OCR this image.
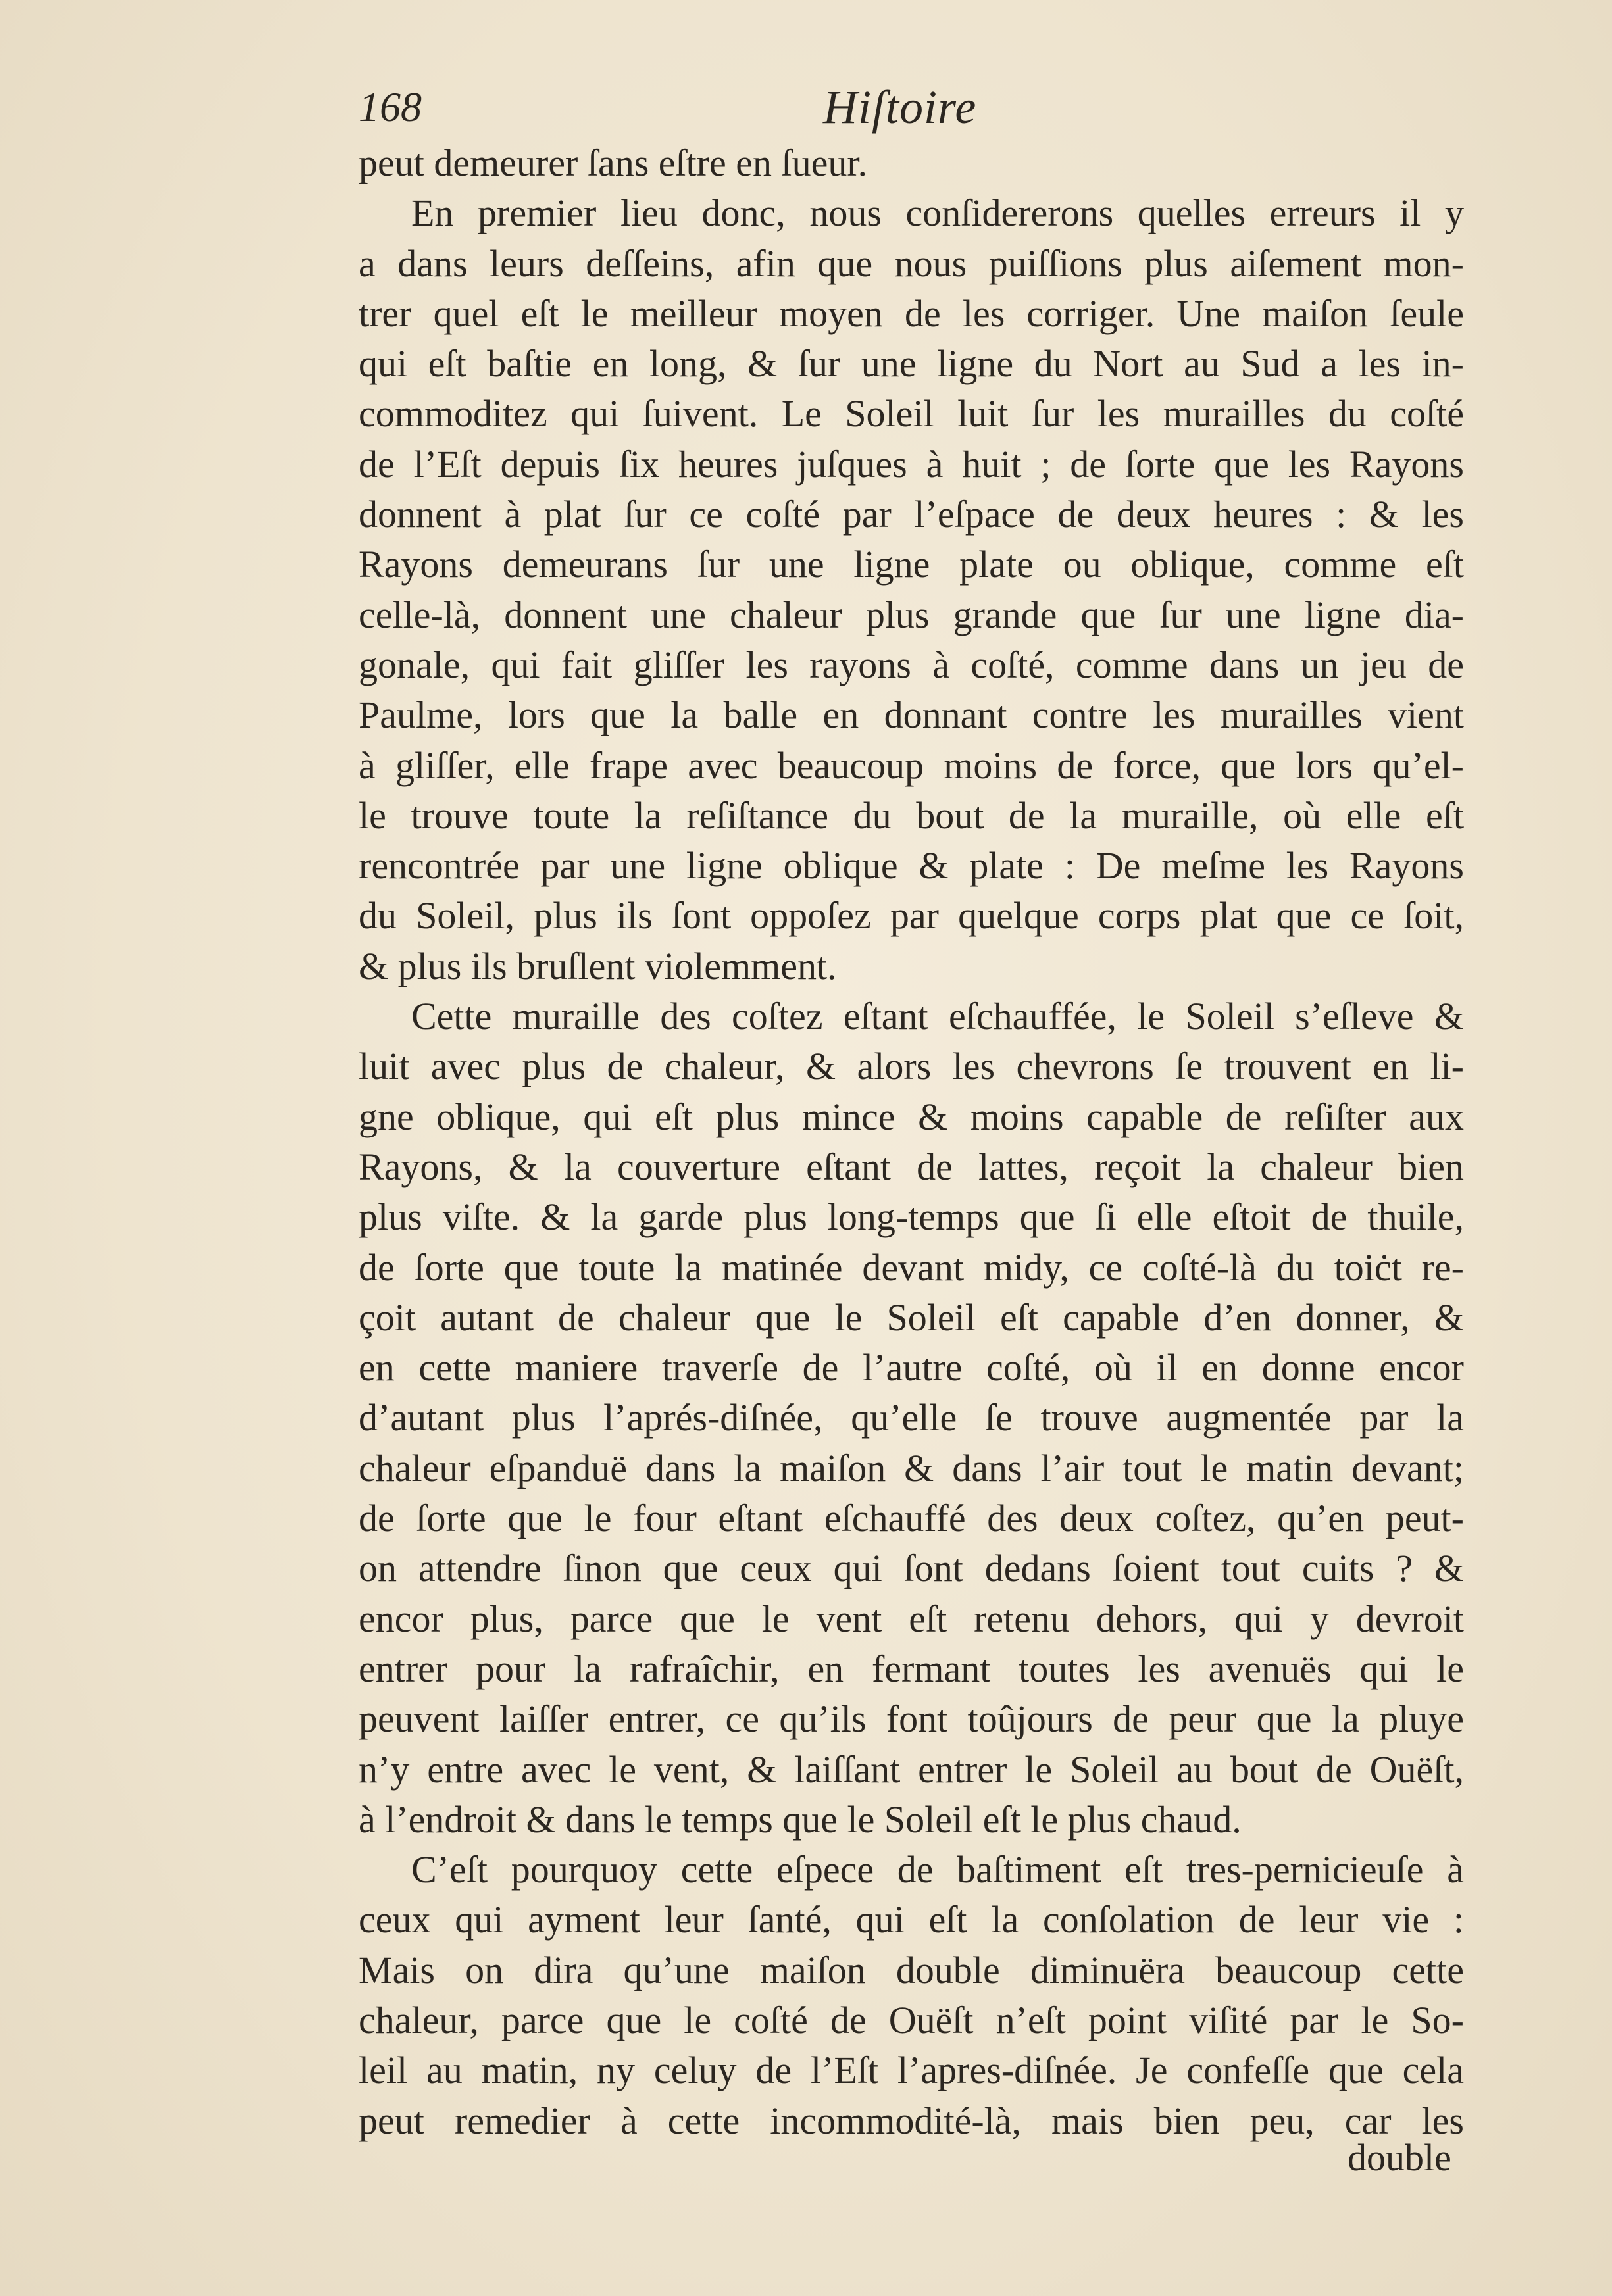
168	Hiſtoire
peut demeurer ſans eſtre en ſueur.
En premier lieu donc, nous conſidererons quelles erreurs il y
a dans leurs deſſeins, afin que nous puiſſions plus aiſement mon-
trer quel eſt le meilleur moyen de les corriger. Une maiſon ſeule
qui eſt baſtie en long, & ſur une ligne du Nort au Sud a les in-
commoditez qui ſuivent. Le Soleil luit ſur les murailles du coſté
de l’Eſt depuis ſix heures juſques à huit ; de ſorte que les Rayons
donnent à plat ſur ce coſté par l’eſpace de deux heures : & les
Rayons demeurans ſur une ligne plate ou oblique, comme eſt
celle-là, donnent une chaleur plus grande que ſur une ligne dia-
gonale, qui fait gliſſer les rayons à coſté, comme dans un jeu de
Paulme, lors que la balle en donnant contre les murailles vient
à gliſſer, elle frape avec beaucoup moins de force, que lors qu’el-
le trouve toute la reſiſtance du bout de la muraille, où elle eſt
rencontrée par une ligne oblique & plate : De meſme les Rayons
du Soleil, plus ils ſont oppoſez par quelque corps plat que ce ſoit,
& plus ils bruſlent violemment.
Cette muraille des coſtez eſtant eſchauffée, le Soleil s’eſleve &
luit avec plus de chaleur, & alors les chevrons ſe trouvent en li-
gne oblique, qui eſt plus mince & moins capable de reſiſter aux
Rayons, & la couverture eſtant de lattes, reçoit la chaleur bien
plus viſte. & la garde plus long-temps que ſi elle eſtoit de thuile,
de ſorte que toute la matinée devant midy, ce coſté-là du toiċt re-
çoit autant de chaleur que le Soleil eſt capable d’en donner, &
en cette maniere traverſe de l’autre coſté, où il en donne encor
d’autant plus l’aprés-diſnée, qu’elle ſe trouve augmentée par la
chaleur eſpanduë dans la maiſon & dans l’air tout le matin devant;
de ſorte que le four eſtant eſchauffé des deux coſtez, qu’en peut-
on attendre ſinon que ceux qui ſont dedans ſoient tout cuits ? &
encor plus, parce que le vent eſt retenu dehors, qui y devroit
entrer pour la rafraîchir, en fermant toutes les avenuës qui le
peuvent laiſſer entrer, ce qu’ils font toûjours de peur que la pluye
n’y entre avec le vent, & laiſſant entrer le Soleil au bout de Ouëſt,
à l’endroit & dans le temps que le Soleil eſt le plus chaud.
C’eſt pourquoy cette eſpece de baſtiment eſt tres-pernicieuſe à
ceux qui ayment leur ſanté, qui eſt la conſolation de leur vie :
Mais on dira qu’une maiſon double diminuëra beaucoup cette
chaleur, parce que le coſté de Ouëſt n’eſt point viſité par le So-
leil au matin, ny celuy de l’Eſt l’apres-diſnée. Je confeſſe que cela
peut remedier à cette incommodité-là, mais bien peu, car les
double
